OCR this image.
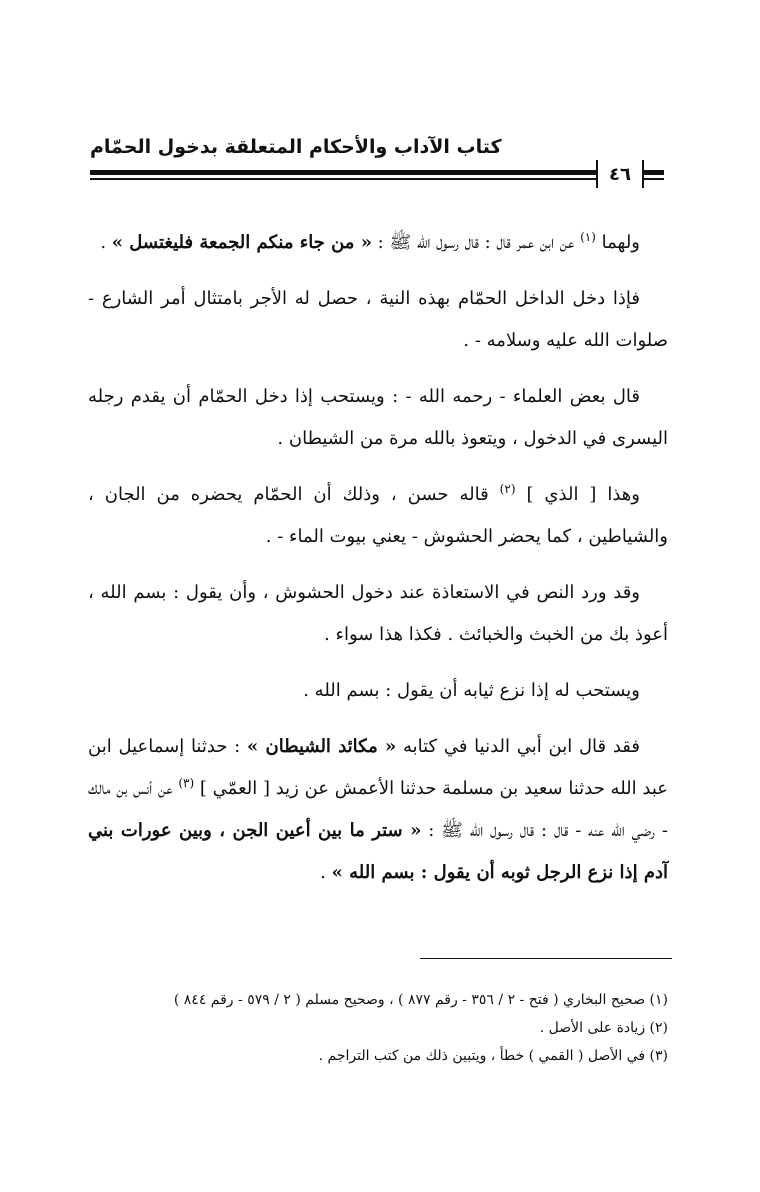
كتاب الآداب والأحكام المتعلقة بدخول الحمّام
٤٦

ولهما $^{(١)}$ عن ابن عمر قال : قال رسول الله ﷺ : « من جاء منكم الجمعة فليغتسل » .

فإذا دخل الداخل الحمّام بهذه النية ، حصل له الأجر بامتثال أمر الشارع - صلوات الله عليه وسلامه - .

قال بعض العلماء - رحمه الله - : ويستحب إذا دخل الحمّام أن يقدم رجله اليسرى في الدخول ، ويتعوذ بالله مرة من الشيطان .

وهذا [ الذي ] $^{(٢)}$ قاله حسن ، وذلك أن الحمّام يحضره من الجان ، والشياطين ، كما يحضر الحشوش - يعني بيوت الماء - .

وقد ورد النص في الاستعاذة عند دخول الحشوش ، وأن يقول : بسم الله ، أعوذ بك من الخبث والخبائث . فكذا هذا سواء .

ويستحب له إذا نزع ثيابه أن يقول : بسم الله .

فقد قال ابن أبي الدنيا في كتابه « مكائد الشيطان » : حدثنا إسماعيل ابن عبد الله حدثنا سعيد بن مسلمة حدثنا الأعمش عن زيد [ العمّي ] $^{(٣)}$ عن أنس بن مالك - رضي الله عنه - قال : قال رسول الله ﷺ : « ستر ما بين أعين الجن ، وبين عورات بني آدم إذا نزع الرجل ثوبه أن يقول : بسم الله » .

(١) صحيح البخاري ( فتح - ٢ / ٣٥٦ - رقم ٨٧٧ ) ، وصحيح مسلم ( ٢ / ٥٧٩ - رقم ٨٤٤ )

(٢) زيادة على الأصل .

(٣) في الأصل ( القمي ) خطأ ، ويتبين ذلك من كتب التراجم .
